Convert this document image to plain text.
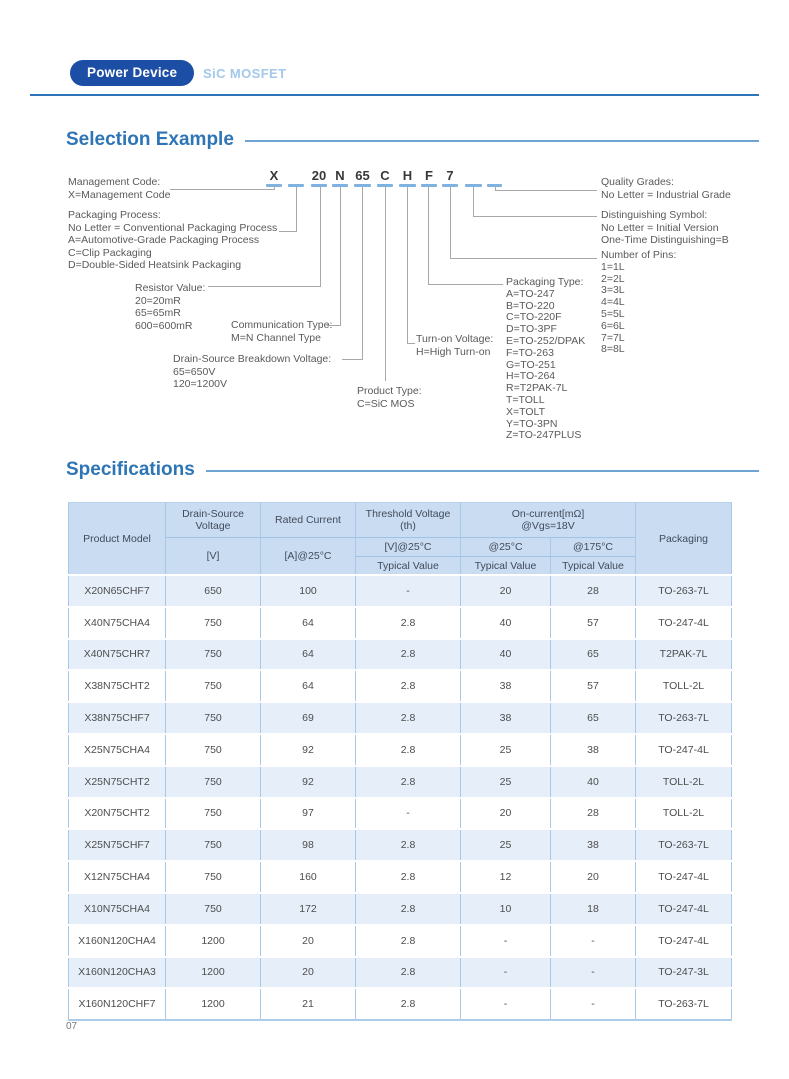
Power Device	SiC MOSFET
Selection Example
X	20 N 65 C	H F	7
Management Code:
X=Management Code
Packaging Process:
No Letter = Conventional Packaging Process
A=Automotive-Grade Packaging Process
C=Clip Packaging
D=Double-Sided Heatsink Packaging
Resistor Value:
20=20mR
65=65mR
600=600mR	Communication Type:
M=N Channel Type
Drain-Source Breakdown Voltage:
65=650V
120=1200V
Product Type:
C=SiC MOS
Turn-on Voltage:
H=High Turn-on
Packaging Type:
A=TO-247
B=TO-220
C=TO-220F
D=TO-3PF
E=TO-252/DPAK
F=TO-263
G=TO-251
H=TO-264
R=T2PAK-7L
T=TOLL
X=TOLT
Y=TO-3PN
Z=TO-247PLUS
Quality Grades:
No Letter = Industrial Grade
Distinguishing Symbol:
No Letter = Initial Version
One-Time Distinguishing=B
Number of Pins:
1=1L
2=2L
3=3L
4=4L
5=5L
6=6L
7=7L
8=8L
Specifications
Product Model	
Drain-Source
Voltage	Rated Current	Threshold Voltage
(th)

On-current[mΩ]
@Vgs=18V
	Packaging
	[V]	[A]@25°C	[V]@25°C	@25°C	@175°C	
			Typical Value	Typical Value	Typical Value	
X20N65CHF7	650	100	-	20	28	TO-263-7L
X40N75CHA4	750	64	2.8	40	57	TO-247-4L
X40N75CHR7	750	64	2.8	40	65	T2PAK-7L
X38N75CHT2	750	64	2.8	38	57	TOLL-2L
X38N75CHF7	750	69	2.8	38	65	TO-263-7L
X25N75CHA4	750	92	2.8	25	38	TO-247-4L
X25N75CHT2	750	92	2.8	25	40	TOLL-2L
X20N75CHT2	750	97	-	20	28	TOLL-2L
X25N75CHF7	750	98	2.8	25	38	TO-263-7L
X12N75CHA4	750	160	2.8	12	20	TO-247-4L
X10N75CHA4	750	172	2.8	10	18	TO-247-4L
X160N120CHA4	1200	20	2.8	-	-	TO-247-4L
X160N120CHA3	1200	20	2.8	-	-	TO-247-3L
X160N120CHF7	1200	21	2.8	-	-	TO-263-7L
07
